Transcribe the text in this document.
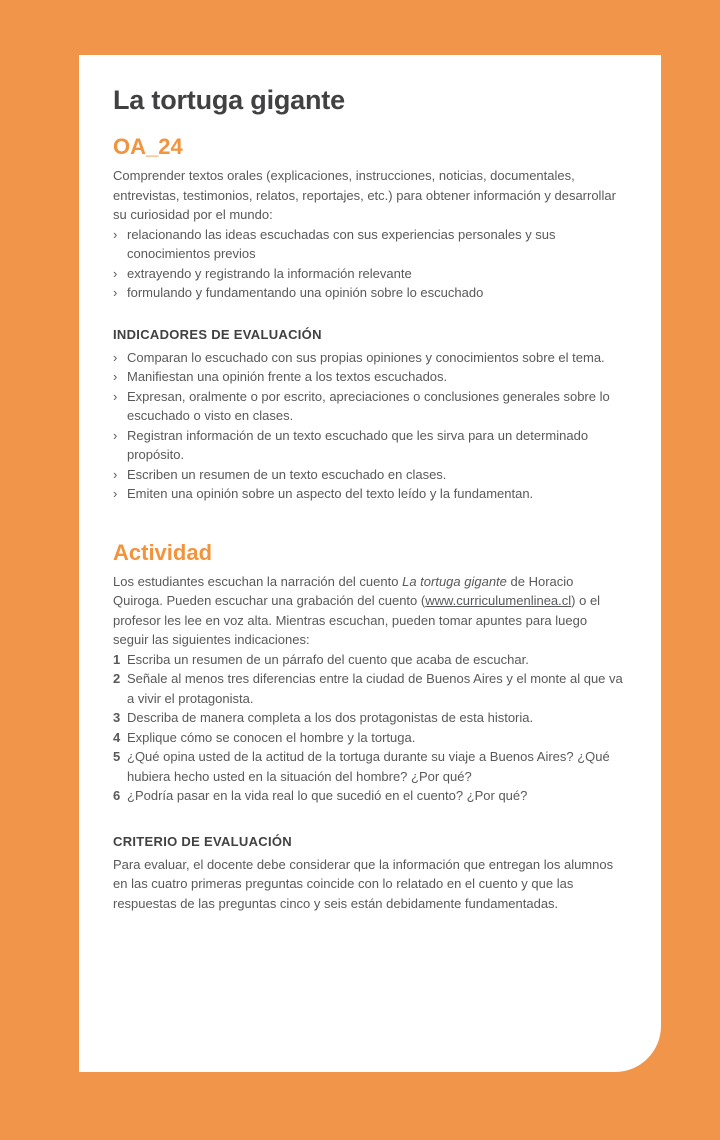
La tortuga gigante
OA_24

Comprender textos orales (explicaciones, instrucciones, noticias, documentales, entrevistas, testimonios, relatos, reportajes, etc.) para obtener información y desarrollar su curiosidad por el mundo:

› relacionando las ideas escuchadas con sus experiencias personales y sus conocimientos previos
› extrayendo y registrando la información relevante
› formulando y fundamentando una opinión sobre lo escuchado
INDICADORES DE EVALUACIÓN
› Comparan lo escuchado con sus propias opiniones y conocimientos sobre el tema.
› Manifiestan una opinión frente a los textos escuchados.
› Expresan, oralmente o por escrito, apreciaciones o conclusiones generales sobre lo escuchado o visto en clases.
› Registran información de un texto escuchado que les sirva para un determinado propósito.
› Escriben un resumen de un texto escuchado en clases.
› Emiten una opinión sobre un aspecto del texto leído y la fundamentan.
Actividad

Los estudiantes escuchan la narración del cuento La tortuga gigante de Horacio Quiroga. Pueden escuchar una grabación del cuento (www.curriculumenlinea.cl) o el profesor les lee en voz alta. Mientras escuchan, pueden tomar apuntes para luego seguir las siguientes indicaciones:

1 Escriba un resumen de un párrafo del cuento que acaba de escuchar.
2 Señale al menos tres diferencias entre la ciudad de Buenos Aires y el monte al que va a vivir el protagonista.
3 Describa de manera completa a los dos protagonistas de esta historia.
4 Explique cómo se conocen el hombre y la tortuga.
5 ¿Qué opina usted de la actitud de la tortuga durante su viaje a Buenos Aires? ¿Qué hubiera hecho usted en la situación del hombre? ¿Por qué?
6 ¿Podría pasar en la vida real lo que sucedió en el cuento? ¿Por qué?
CRITERIO DE EVALUACIÓN

Para evaluar, el docente debe considerar que la información que entregan los alumnos en las cuatro primeras preguntas coincide con lo relatado en el cuento y que las respuestas de las preguntas cinco y seis están debidamente fundamentadas.
